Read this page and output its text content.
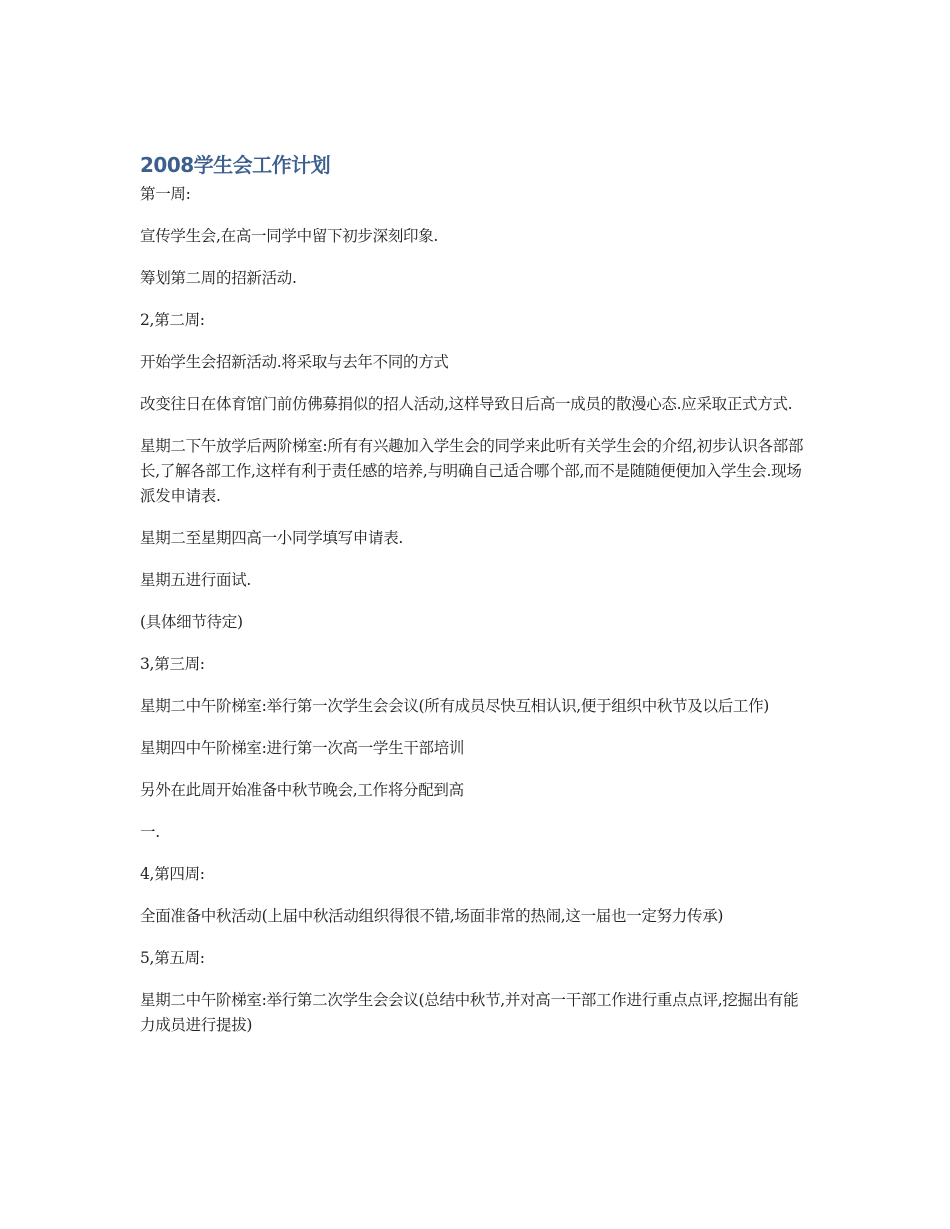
2008学生会工作计划

第一周:

宣传学生会,在高一同学中留下初步深刻印象.

筹划第二周的招新活动.

2,第二周:

开始学生会招新活动.将采取与去年不同的方式

改变往日在体育馆门前仿佛募捐似的招人活动,这样导致日后高一成员的散漫心态.应采取正式方式.

星期二下午放学后两阶梯室:所有有兴趣加入学生会的同学来此听有关学生会的介绍,初步认识各部部长,了解各部工作,这样有利于责任感的培养,与明确自己适合哪个部,而不是随随便便加入学生会.现场派发申请表.

星期二至星期四高一小同学填写申请表.

星期五进行面试.

(具体细节待定)

3,第三周:

星期二中午阶梯室:举行第一次学生会会议(所有成员尽快互相认识,便于组织中秋节及以后工作)

星期四中午阶梯室:进行第一次高一学生干部培训

另外在此周开始准备中秋节晚会,工作将分配到高

一.

4,第四周:

全面准备中秋活动(上届中秋活动组织得很不错,场面非常的热闹,这一届也一定努力传承)

5,第五周:

星期二中午阶梯室:举行第二次学生会会议(总结中秋节,并对高一干部工作进行重点点评,挖掘出有能力成员进行提拔)
